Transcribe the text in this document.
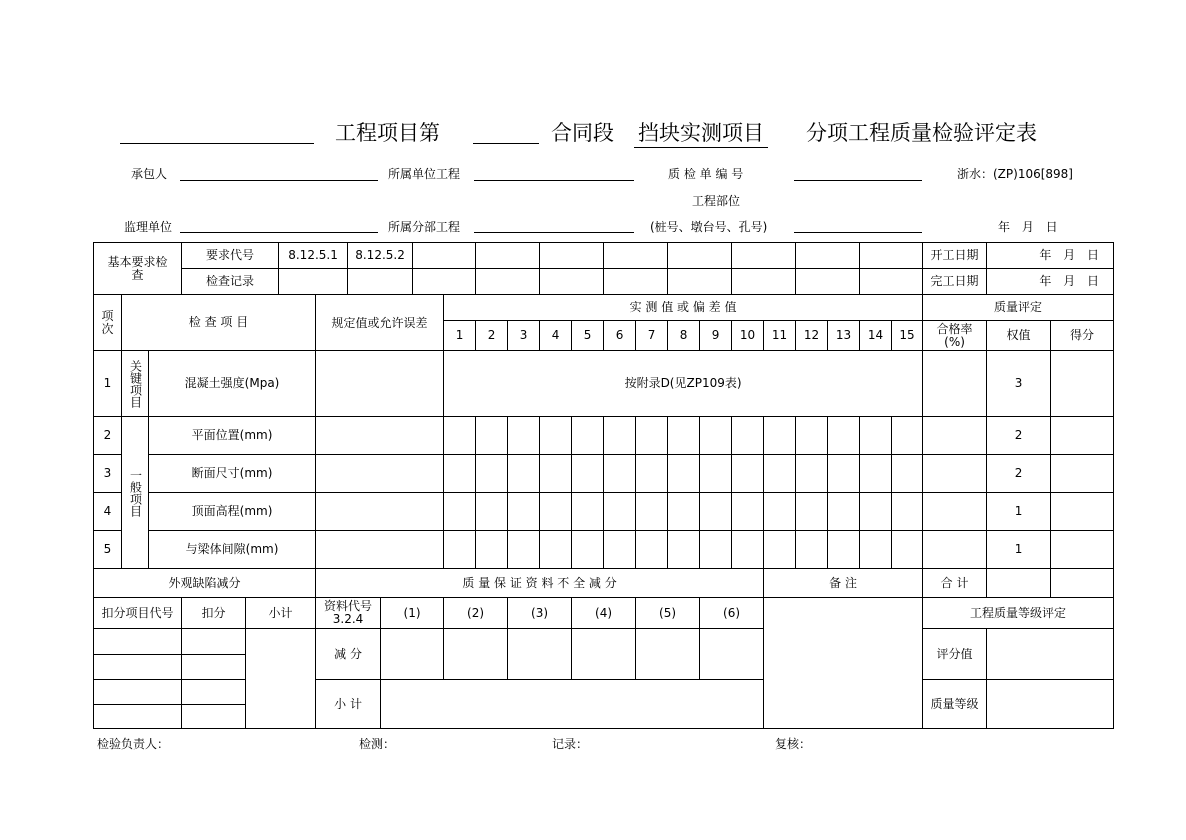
工程项目第	合同段 挡块实测项目 分项工程质量检验评定表
承包人	所属单位工程	质 检 单 编 号	浙水：(ZP)106[898]
工程部位
监理单位	所属分部工程	(桩号、墩台号、孔号)	年 月 日
基本要求检查			要求代号		8.12.5.1		8.12.5.2																		开工日期	年 月 日	
			检查记录																						完工日期	年 月 日	
项次	检 查 项 目					规定值或允许误差				实 测 值 或 偏 差 值															质量评定		
										1	2	3	4	5	6	7	8	9	10	11	12	13	14	15	合格率(%)	权值	得分
1	关键项目	混凝土强度(Mpa)								按附录D(见ZP109表)																3	
2	一般项目	平面位置(mm)																								2	
3		断面尺寸(mm)																								2	
4		顶面高程(mm)																								1	
5		与梁体间隙(mm)																								1	
外观缺陷减分						质 量 保 证 资 料 不 全 减 分														备 注					合 计		
扣分项目代号			扣分	小计		资料代号 3.2.4		(1)		(2)		(3)		(4)		(5)		(6)							工程质量等级评定		
						减 分																			评分值		

						小 计																			质量等级		

检验负责人：	检测：	记录：	复核：
